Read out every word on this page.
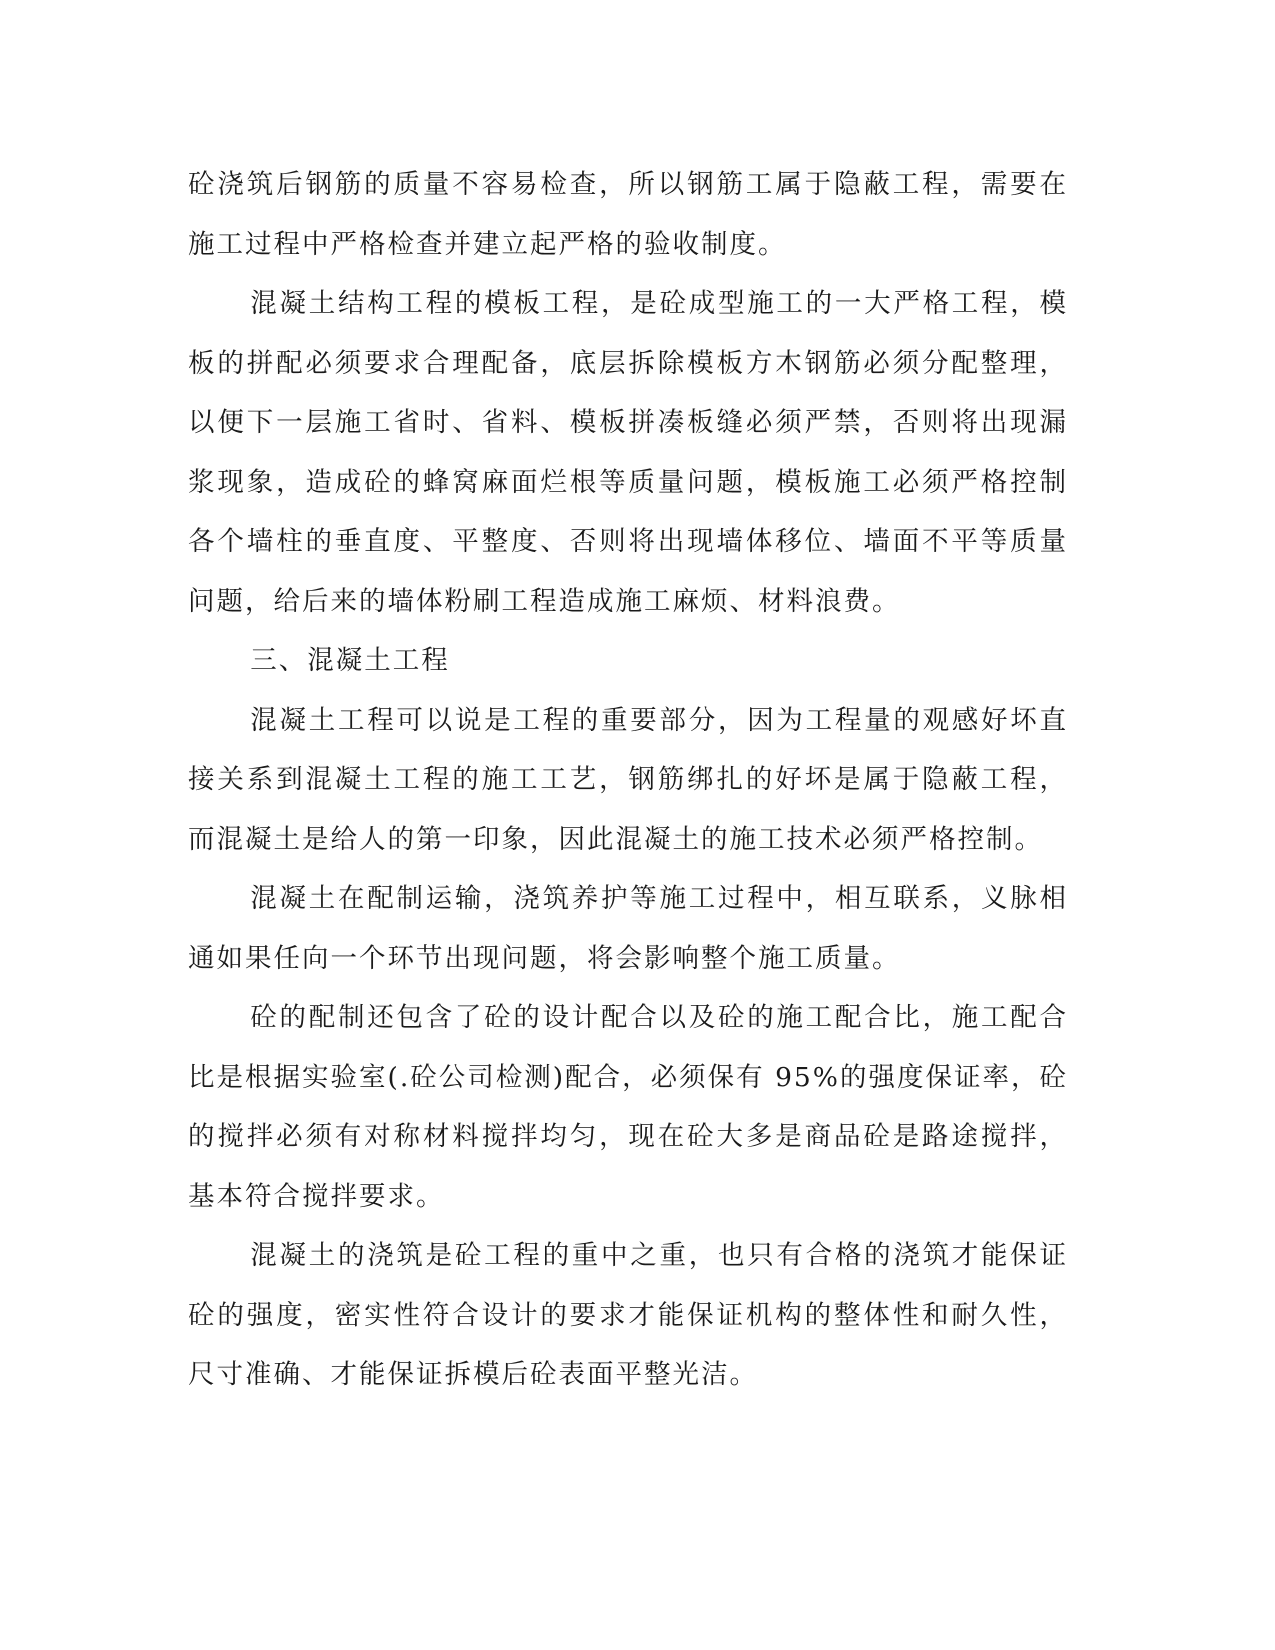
砼浇筑后钢筋的质量不容易检查，所以钢筋工属于隐蔽工程，需要在施工过程中严格检查并建立起严格的验收制度。

混凝土结构工程的模板工程，是砼成型施工的一大严格工程，模板的拼配必须要求合理配备，底层拆除模板方木钢筋必须分配整理，以便下一层施工省时、省料、模板拼凑板缝必须严禁，否则将出现漏浆现象，造成砼的蜂窝麻面烂根等质量问题，模板施工必须严格控制各个墙柱的垂直度、平整度、否则将出现墙体移位、墙面不平等质量问题，给后来的墙体粉刷工程造成施工麻烦、材料浪费。

三、混凝土工程

混凝土工程可以说是工程的重要部分，因为工程量的观感好坏直接关系到混凝土工程的施工工艺，钢筋绑扎的好坏是属于隐蔽工程，而混凝土是给人的第一印象，因此混凝土的施工技术必须严格控制。

混凝土在配制运输，浇筑养护等施工过程中，相互联系，义脉相通如果任向一个环节出现问题，将会影响整个施工质量。

砼的配制还包含了砼的设计配合以及砼的施工配合比，施工配合比是根据实验室(.砼公司检测)配合，必须保有 95%的强度保证率，砼的搅拌必须有对称材料搅拌均匀，现在砼大多是商品砼是路途搅拌，基本符合搅拌要求。

混凝土的浇筑是砼工程的重中之重，也只有合格的浇筑才能保证砼的强度，密实性符合设计的要求才能保证机构的整体性和耐久性，尺寸准确、才能保证拆模后砼表面平整光洁。
